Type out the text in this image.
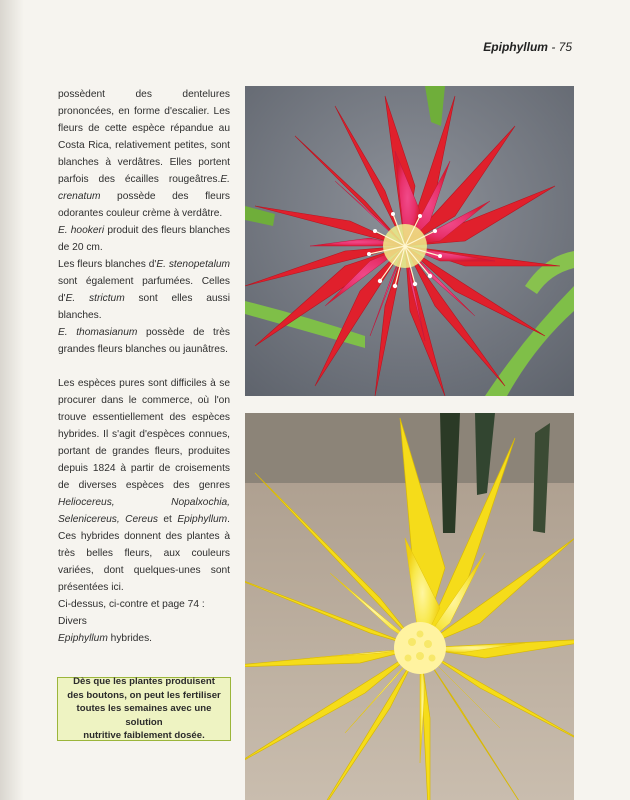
Epiphyllum - 75

possèdent des dentelures prononcées, en forme d'escalier. Les fleurs de cette espèce répandue au Costa Rica, relativement petites, sont blanches à verdâtres. Elles portent parfois des écailles rougeâtres.E. crenatum possède des fleurs odorantes couleur crème à verdâtre.
E. hookeri produit des fleurs blanches de 20 cm.
Les fleurs blanches d'E. stenopetalum sont également parfumées. Celles d'E. strictum sont elles aussi blanches.
E. thomasianum possède de très grandes fleurs blanches ou jaunâtres.

Les espèces pures sont difficiles à se procurer dans le commerce, où l'on trouve essentiellement des espèces hybrides. Il s'agit d'espèces connues, portant de grandes fleurs, produites depuis 1824 à partir de croisements de diverses espèces des genres Heliocereus, Nopalxochia, Selenicereus, Cereus et Epiphyllum. Ces hybrides donnent des plantes à très belles fleurs, aux couleurs variées, dont quelques-unes sont présentées ici.

Ci-dessus, ci-contre et page 74 : Divers
Epiphyllum hybrides.
Dès que les plantes produisent
des boutons, on peut les fertiliser
toutes les semaines avec une solution
nutritive faiblement dosée.
